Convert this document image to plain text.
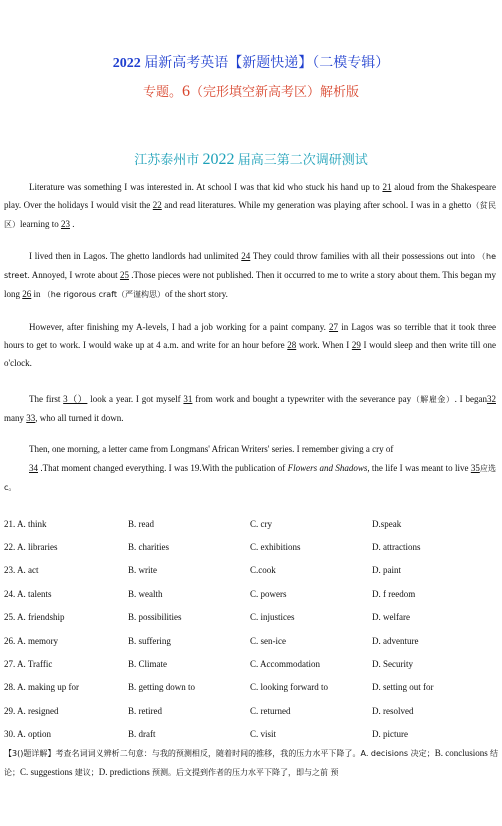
2022 届新高考英语【新题快递】（二模专辑）
专题。6（完形填空新高考区）解析版
江苏泰州市 2022 届高三第二次调研测试
Literature was something I was interested in. At school I was that kid who stuck his hand up to 21 aloud from the Shakespeare play. Over the holidays I would visit the 22 and read literatures. While my generation was playing after school. I was in a ghetto（贫民区）learning to 23 .
I lived then in Lagos. The ghetto landlords had unlimited 24 They could throw families with all their possessions out into （he street. Annoyed, I wrote about 25 .Those pieces were not published. Then it occurred to me to write a story about them. This began my long 26 in （he rigorous craft（严谨构思）of the short story.
However, after finishing my A-levels, I had a job working for a paint company. 27 in Lagos was so terrible that it took three hours to get to work. I would wake up at 4 a.m. and write for an hour before 28 work. When I 29 I would sleep and then write till one o'clock.
The first 3（） look a year. I got myself 31 from work and bought a typewriter with the severance pay（解雇金）. I began32 many 33, who all turned it down.
Then, one morning, a letter came from Longmans' African Writers' series. I remember giving a cry of
34 .That moment changed everything. I was 19.With the publication of Flowers and Shadows, the life I was meant to live 35应选c。
21. A. think	B. read	C. cry	D.speak
22. A. libraries	B. charities	C. exhibitions	D. attractions
23. A. act	B. write	C.cook	D. paint
24. A. talents	B. wealth	C. powers	D. f reedom
25. A. friendship	B. possibilities	C. injustices	D. welfare
26. A. memory	B. suffering	C. sen-ice	D. adventure
27. A. Traffic	B. Climate	C. Accommodation	D. Security
28. A. making up for	B. getting down to	C. looking forward to	D. setting out for
29. A. resigned	B. retired	C. returned	D. resolved
30. A. option	B. draft	C. visit	D. picture
【3()题详解】考查名词词义辨析二句意：与我的预测相反，随着时间的推移，我的压力水平下降了。A. decisions 决定；B. conclusions 结论；C. suggestions 建议；D. predictions 预测。后文提到作者的压力水平下降了，即与之前 预
